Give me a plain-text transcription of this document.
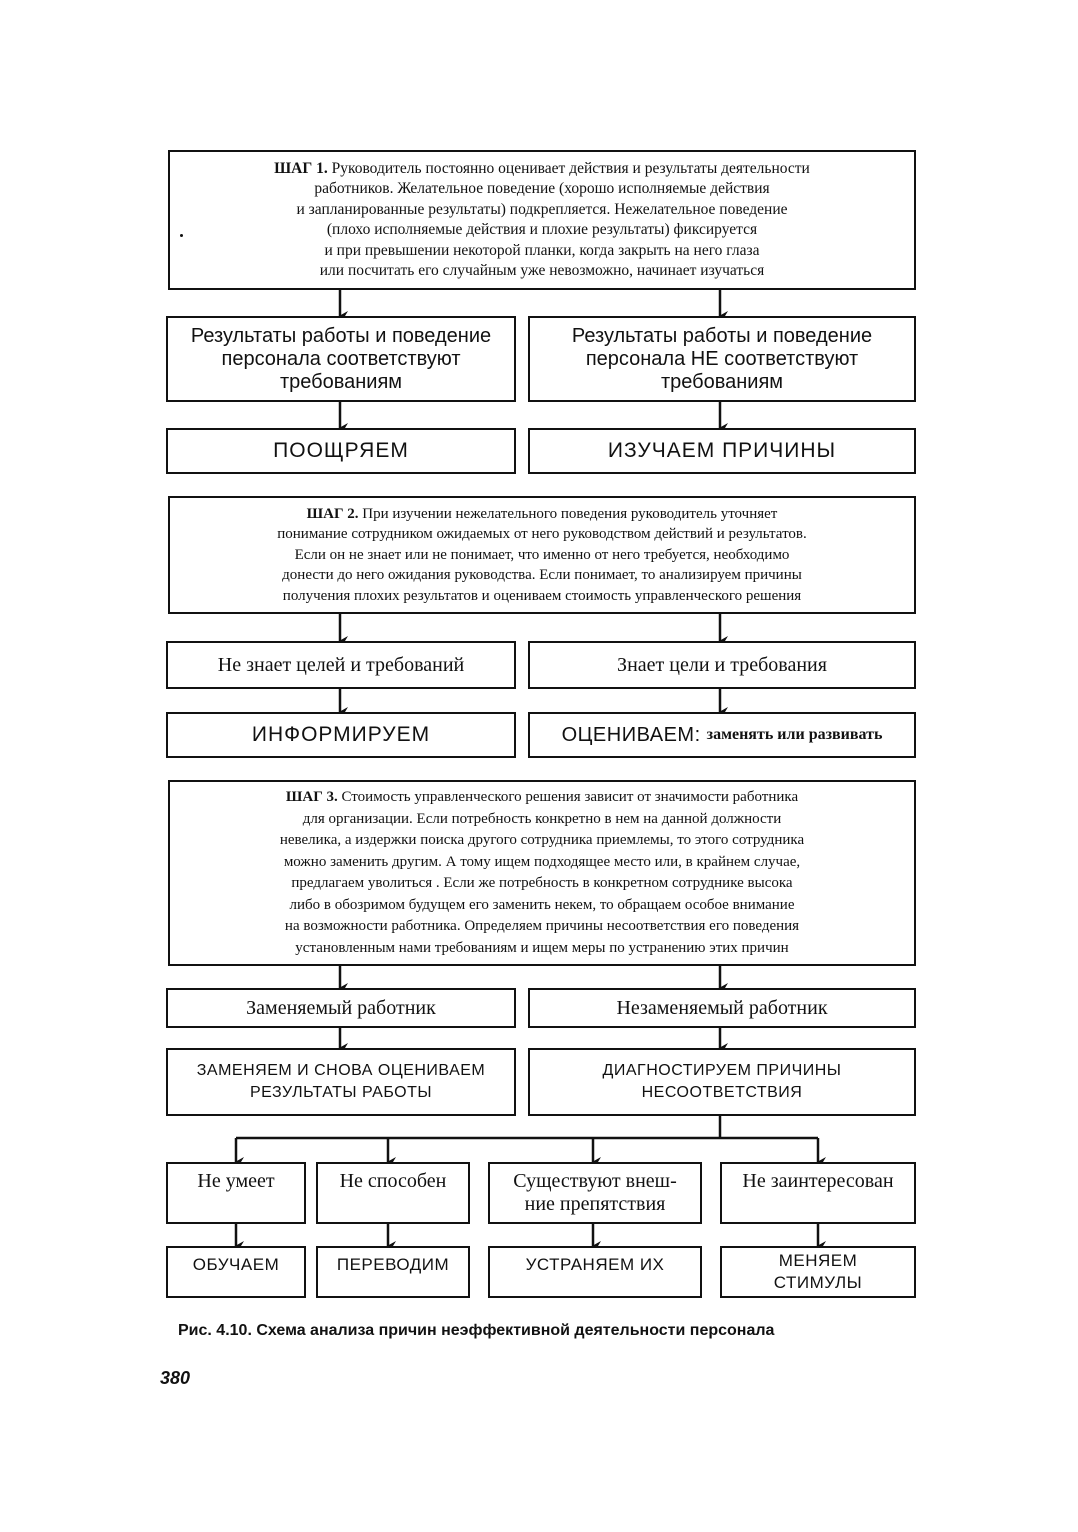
ШАГ 1. Руководитель постоянно оценивает действия и результаты деятельности
работников. Желательное поведение (хорошо исполняемые действия
и запланированные результаты) подкрепляется. Нежелательное поведение
(плохо исполняемые действия и плохие результаты) фиксируется
и при превышении некоторой планки, когда закрыть на него глаза
или посчитать его случайным уже невозможно, начинает изучаться
Результаты работы и поведение персонала соответствуют требованиям
Результаты работы и поведение персонала НЕ соответствуют требованиям
ПООЩРЯЕМ	ИЗУЧАЕМ ПРИЧИНЫ
ШАГ 2. При изучении нежелательного поведения руководитель уточняет
понимание сотрудником ожидаемых от него руководством действий и результатов.
Если он не знает или не понимает, что именно от него требуется, необходимо
донести до него ожидания руководства. Если понимает, то анализируем причины
получения плохих результатов и оцениваем стоимость управленческого решения
Не знает целей и требований	Знает цели и требования
ИНФОРМИРУЕМ	ОЦЕНИВАЕМ: заменять или развивать
ШАГ 3. Стоимость управленческого решения зависит от значимости работника
для организации. Если потребность конкретно в нем на данной должности
невелика, а издержки поиска другого сотрудника приемлемы, то этого сотрудника
можно заменить другим. А тому ищем подходящее место или, в крайнем случае,
предлагаем уволиться . Если же потребность в конкретном сотруднике высока
либо в обозримом будущем его заменить некем, то обращаем особое внимание
на возможности работника. Определяем причины несоответствия его поведения
установленным нами требованиям и ищем меры по устранению этих причин
Заменяемый работник	Незаменяемый работник
ЗАМЕНЯЕМ И СНОВА ОЦЕНИВАЕМ
РЕЗУЛЬТАТЫ РАБОТЫ
ДИАГНОСТИРУЕМ ПРИЧИНЫ
НЕСООТВЕТСТВИЯ
Не умеет	Не способен	Существуют внеш-ние препятствия
Не заинтересован
ОБУЧАЕМ	ПЕРЕВОДИМ	УСТРАНЯЕМ ИХ	МЕНЯЕМ СТИМУЛЫ
Рис. 4.10. Схема анализа причин неэффективной деятельности персонала
380
